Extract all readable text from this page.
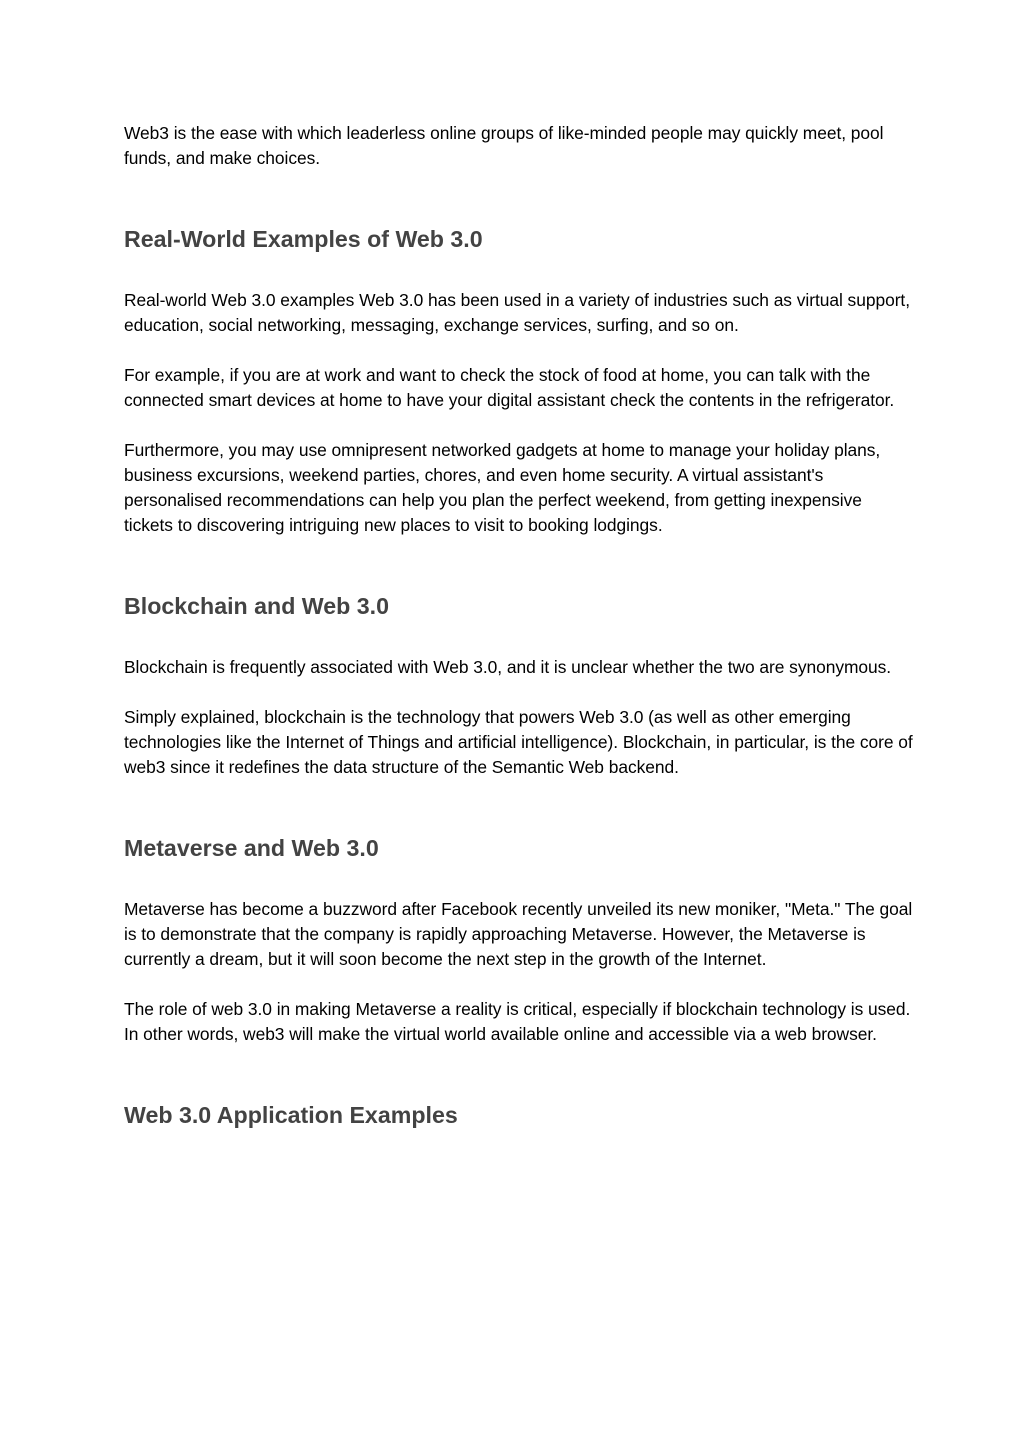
Web3 is the ease with which leaderless online groups of like-minded people may quickly meet, pool funds, and make choices.

Real-World Examples of Web 3.0

Real-world Web 3.0 examples Web 3.0 has been used in a variety of industries such as virtual support, education, social networking, messaging, exchange services, surfing, and so on.

For example, if you are at work and want to check the stock of food at home, you can talk with the connected smart devices at home to have your digital assistant check the contents in the refrigerator.

Furthermore, you may use omnipresent networked gadgets at home to manage your holiday plans, business excursions, weekend parties, chores, and even home security. A virtual assistant's personalised recommendations can help you plan the perfect weekend, from getting inexpensive tickets to discovering intriguing new places to visit to booking lodgings.

Blockchain and Web 3.0

Blockchain is frequently associated with Web 3.0, and it is unclear whether the two are synonymous.

Simply explained, blockchain is the technology that powers Web 3.0 (as well as other emerging technologies like the Internet of Things and artificial intelligence). Blockchain, in particular, is the core of web3 since it redefines the data structure of the Semantic Web backend.

Metaverse and Web 3.0

Metaverse has become a buzzword after Facebook recently unveiled its new moniker, "Meta." The goal is to demonstrate that the company is rapidly approaching Metaverse. However, the Metaverse is currently a dream, but it will soon become the next step in the growth of the Internet.

The role of web 3.0 in making Metaverse a reality is critical, especially if blockchain technology is used. In other words, web3 will make the virtual world available online and accessible via a web browser.

Web 3.0 Application Examples
